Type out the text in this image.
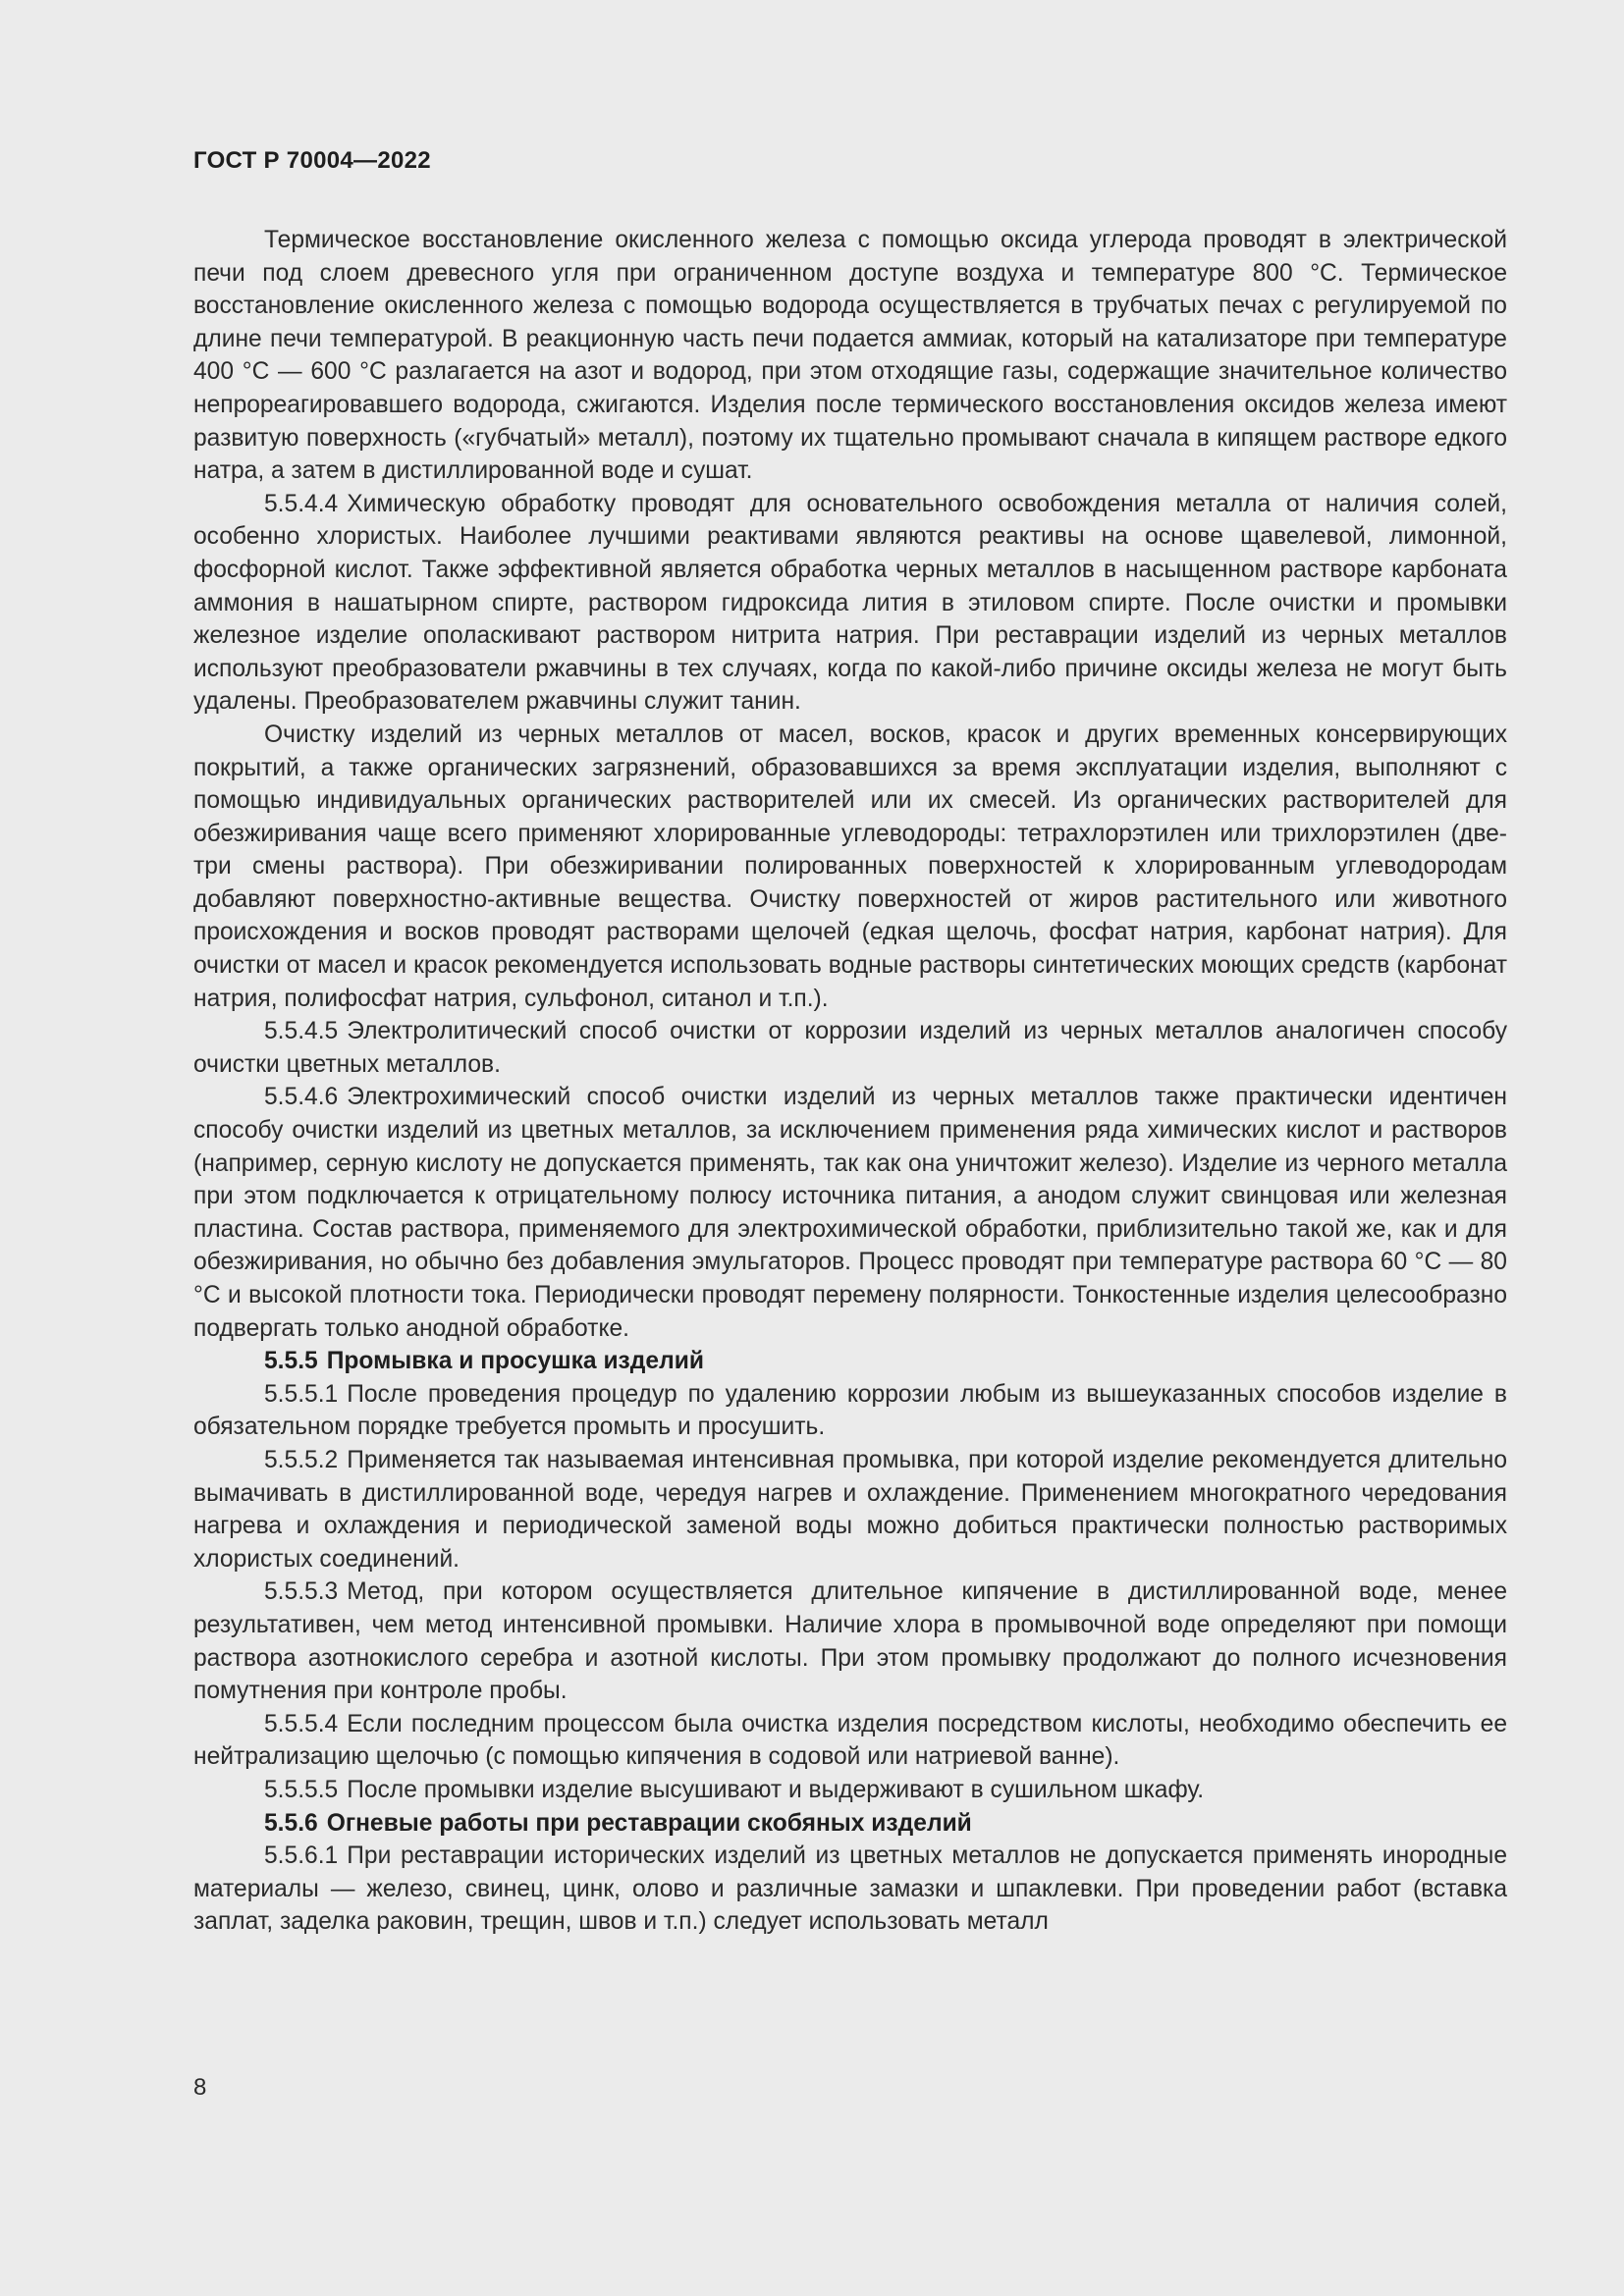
ГОСТ Р 70004—2022

Термическое восстановление окисленного железа с помощью оксида углерода проводят в электрической печи под слоем древесного угля при ограниченном доступе воздуха и температуре 800 °С. Термическое восстановление окисленного железа с помощью водорода осуществляется в трубчатых печах с регулируемой по длине печи температурой. В реакционную часть печи подается аммиак, который на катализаторе при температуре 400 °С — 600 °С разлагается на азот и водород, при этом отходящие газы, содержащие значительное количество непрореагировавшего водорода, сжигаются. Изделия после термического восстановления оксидов железа имеют развитую поверхность («губчатый» металл), поэтому их тщательно промывают сначала в кипящем растворе едкого натра, а затем в дистиллированной воде и сушат.

5.5.4.4 Химическую обработку проводят для основательного освобождения металла от наличия солей, особенно хлористых. Наиболее лучшими реактивами являются реактивы на основе щавелевой, лимонной, фосфорной кислот. Также эффективной является обработка черных металлов в насыщенном растворе карбоната аммония в нашатырном спирте, раствором гидроксида лития в этиловом спирте. После очистки и промывки железное изделие ополаскивают раствором нитрита натрия. При реставрации изделий из черных металлов используют преобразователи ржавчины в тех случаях, когда по какой-либо причине оксиды железа не могут быть удалены. Преобразователем ржавчины служит танин.

Очистку изделий из черных металлов от масел, восков, красок и других временных консервирующих покрытий, а также органических загрязнений, образовавшихся за время эксплуатации изделия, выполняют с помощью индивидуальных органических растворителей или их смесей. Из органических растворителей для обезжиривания чаще всего применяют хлорированные углеводороды: тетрахлорэтилен или трихлорэтилен (две-три смены раствора). При обезжиривании полированных поверхностей к хлорированным углеводородам добавляют поверхностно-активные вещества. Очистку поверхностей от жиров растительного или животного происхождения и восков проводят растворами щелочей (едкая щелочь, фосфат натрия, карбонат натрия). Для очистки от масел и красок рекомендуется использовать водные растворы синтетических моющих средств (карбонат натрия, полифосфат натрия, сульфонол, ситанол и т.п.).

5.5.4.5 Электролитический способ очистки от коррозии изделий из черных металлов аналогичен способу очистки цветных металлов.

5.5.4.6 Электрохимический способ очистки изделий из черных металлов также практически идентичен способу очистки изделий из цветных металлов, за исключением применения ряда химических кислот и растворов (например, серную кислоту не допускается применять, так как она уничтожит железо). Изделие из черного металла при этом подключается к отрицательному полюсу источника питания, а анодом служит свинцовая или железная пластина. Состав раствора, применяемого для электрохимической обработки, приблизительно такой же, как и для обезжиривания, но обычно без добавления эмульгаторов. Процесс проводят при температуре раствора 60 °С — 80 °С и высокой плотности тока. Периодически проводят перемену полярности. Тонкостенные изделия целесообразно подвергать только анодной обработке.

5.5.5 Промывка и просушка изделий

5.5.5.1 После проведения процедур по удалению коррозии любым из вышеуказанных способов изделие в обязательном порядке требуется промыть и просушить.

5.5.5.2 Применяется так называемая интенсивная промывка, при которой изделие рекомендуется длительно вымачивать в дистиллированной воде, чередуя нагрев и охлаждение. Применением многократного чередования нагрева и охлаждения и периодической заменой воды можно добиться практически полностью растворимых хлористых соединений.

5.5.5.3 Метод, при котором осуществляется длительное кипячение в дистиллированной воде, менее результативен, чем метод интенсивной промывки. Наличие хлора в промывочной воде определяют при помощи раствора азотнокислого серебра и азотной кислоты. При этом промывку продолжают до полного исчезновения помутнения при контроле пробы.

5.5.5.4 Если последним процессом была очистка изделия посредством кислоты, необходимо обеспечить ее нейтрализацию щелочью (с помощью кипячения в содовой или натриевой ванне).

5.5.5.5 После промывки изделие высушивают и выдерживают в сушильном шкафу.

5.5.6 Огневые работы при реставрации скобяных изделий

5.5.6.1 При реставрации исторических изделий из цветных металлов не допускается применять инородные материалы — железо, свинец, цинк, олово и различные замазки и шпаклевки. При проведении работ (вставка заплат, заделка раковин, трещин, швов и т.п.) следует использовать металл

8
